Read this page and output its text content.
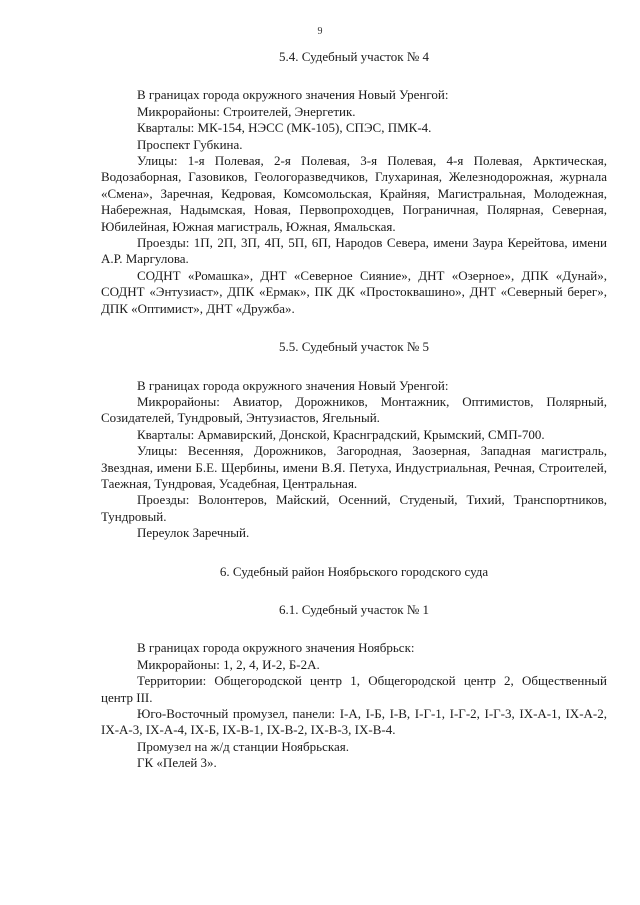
9
5.4. Судебный участок № 4

В границах города окружного значения Новый Уренгой:

Микрорайоны: Строителей, Энергетик.

Кварталы: МК-154, НЭСС (МК-105), СПЭС, ПМК-4.

Проспект Губкина.

Улицы: 1-я Полевая, 2-я Полевая, 3-я Полевая, 4-я Полевая, Арктическая, Водозаборная, Газовиков, Геологоразведчиков, Глухариная, Железнодорожная, журнала «Смена», Заречная, Кедровая, Комсомольская, Крайняя, Магистральная, Молодежная, Набережная, Надымская, Новая, Первопроходцев, Пограничная, Полярная, Северная, Юбилейная, Южная магистраль, Южная, Ямальская.

Проезды: 1П, 2П, 3П, 4П, 5П, 6П, Народов Севера, имени Заура Керейтова, имени А.Р. Маргулова.

СОДНТ «Ромашка», ДНТ «Северное Сияние», ДНТ «Озерное», ДПК «Дунай», СОДНТ «Энтузиаст», ДПК «Ермак», ПК ДК «Простоквашино», ДНТ «Северный берег», ДПК «Оптимист», ДНТ «Дружба».

5.5. Судебный участок № 5

В границах города окружного значения Новый Уренгой:

Микрорайоны: Авиатор, Дорожников, Монтажник, Оптимистов, Полярный, Созидателей, Тундровый, Энтузиастов, Ягельный.

Кварталы: Армавирский, Донской, Краснградский, Крымский, СМП-700.

Улицы: Весенняя, Дорожников, Загородная, Заозерная, Западная магистраль, Звездная, имени Б.Е. Щербины, имени В.Я. Петуха, Индустриальная, Речная, Строителей, Таежная, Тундровая, Усадебная, Центральная.

Проезды: Волонтеров, Майский, Осенний, Студеный, Тихий, Транспортников, Тундровый.

Переулок Заречный.

6. Судебный район Ноябрьского городского суда
6.1. Судебный участок № 1

В границах города окружного значения Ноябрьск:

Микрорайоны: 1, 2, 4, И-2, Б-2А.

Территории: Общегородской центр 1, Общегородской центр 2, Общественный центр III.

Юго-Восточный промузел, панели: I-А, I-Б, I-В, I-Г-1, I-Г-2, I-Г-3, IX-А-1, IX-А-2, IX-А-3, IX-А-4, IX-Б, IX-В-1, IX-В-2, IX-В-3, IX-В-4.

Промузел на ж/д станции Ноябрьская.

ГК «Пелей 3».
